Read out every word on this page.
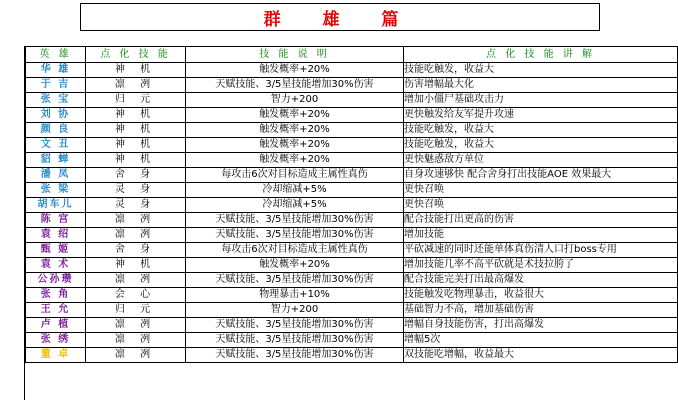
群 雄 篇
英 雄	点 化 技 能	技 能 说 明	点 化 技 能 讲 解
华 雄	神 机	触发概率+20%	技能吃触发，收益大
于 吉	凛 冽	天赋技能、3/5星技能增加30%伤害	伤害增幅最大化
张 宝	归 元	智力+200	增加小僵尸基础攻击力
刘 协	神 机	触发概率+20%	更快触发给友军提升攻速
颜 良	神 机	触发概率+20%	技能吃触发，收益大
文 丑	神 机	触发概率+20%	技能吃触发，收益大
貂 蝉	神 机	触发概率+20%	更快魅惑敌方单位
潘 凤	舍 身	每攻击6次对目标造成主属性真伤	自身攻速够快 配合舍身打出技能AOE 效果最大
张 梁	灵 身	冷却缩减+5%	更快召唤
胡车儿	灵 身	冷却缩减+5%	更快召唤
陈 宫	凛 冽	天赋技能、3/5星技能增加30%伤害	配合技能打出更高的伤害
袁 绍	凛 冽	天赋技能、3/5星技能增加30%伤害	增加技能
甄 姬	舍 身	每攻击6次对目标造成主属性真伤	平砍减速的同时还能单体真伤清人口打boss专用
袁 术	神 机	触发概率+20%	增加技能几率不高平砍就是术技拉胯了
公孙瓒	凛 冽	天赋技能、3/5星技能增加30%伤害	配合技能完美打出最高爆发
张 角	会 心	物理暴击+10%	技能触发吃物理暴击，收益很大
王 允	归 元	智力+200	基础智力不高，增加基础伤害
卢 植	凛 冽	天赋技能、3/5星技能增加30%伤害	增幅自身技能伤害，打出高爆发
张 绣	凛 冽	天赋技能、3/5星技能增加30%伤害	增幅5次
董 卓	凛 冽	天赋技能、3/5星技能增加30%伤害	双技能吃增幅，收益最大
